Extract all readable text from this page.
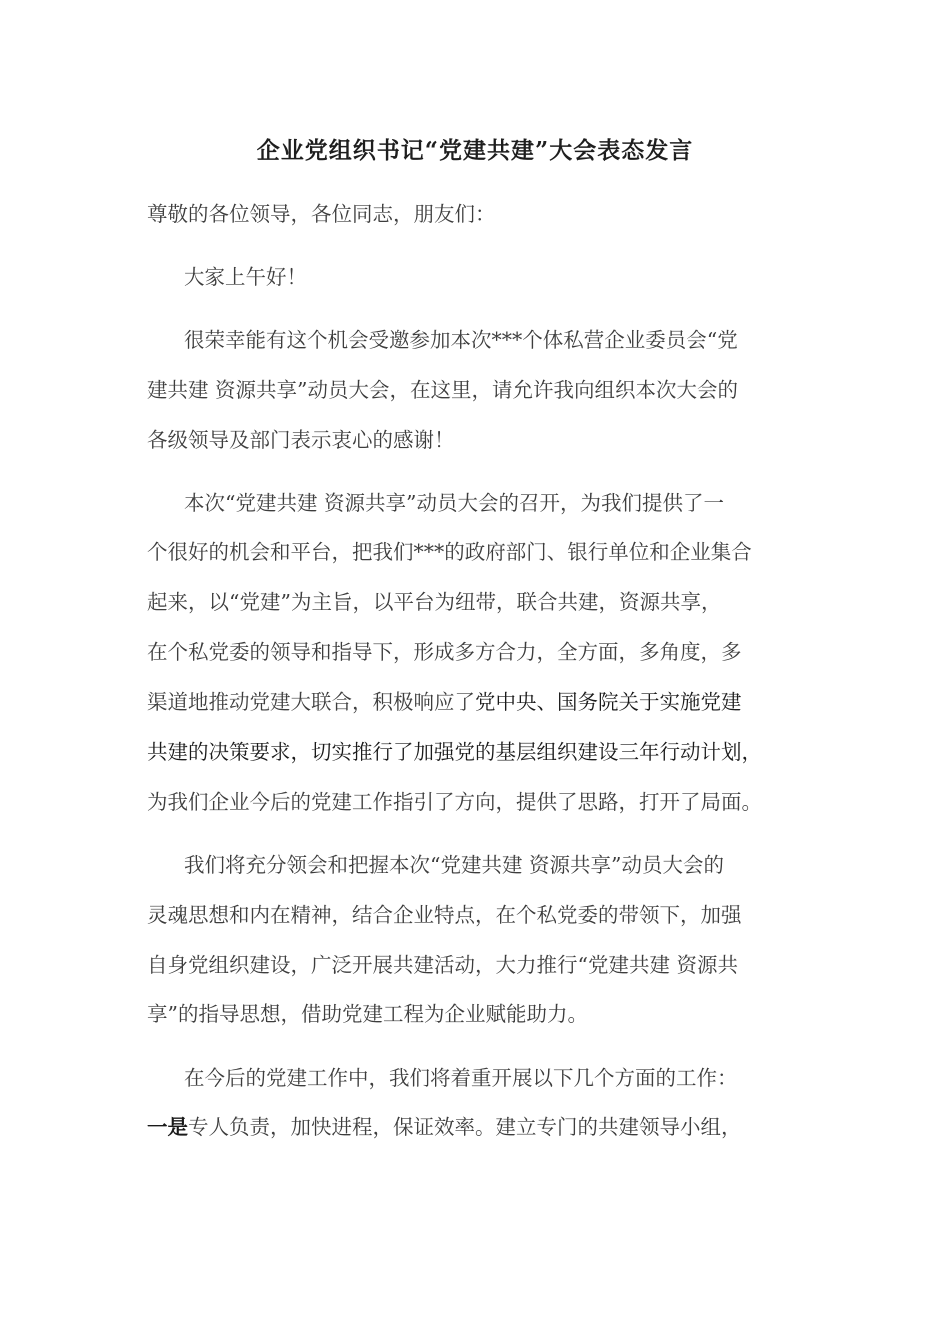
企业党组织书记“党建共建”大会表态发言
尊敬的各位领导，各位同志，朋友们：
大家上午好！
很荣幸能有这个机会受邀参加本次***个体私营企业委员会“党
建共建 资源共享”动员大会，在这里，请允许我向组织本次大会的
各级领导及部门表示衷心的感谢！
本次“党建共建 资源共享”动员大会的召开，为我们提供了一
个很好的机会和平台，把我们***的政府部门、银行单位和企业集合
起来，以“党建”为主旨，以平台为纽带，联合共建，资源共享，
在个私党委的领导和指导下，形成多方合力，全方面，多角度，多
渠道地推动党建大联合，积极响应了党中央、国务院关于实施党建
共建的决策要求，切实推行了加强党的基层组织建设三年行动计划，
为我们企业今后的党建工作指引了方向，提供了思路，打开了局面。
我们将充分领会和把握本次“党建共建 资源共享”动员大会的
灵魂思想和内在精神，结合企业特点，在个私党委的带领下，加强
自身党组织建设，广泛开展共建活动，大力推行“党建共建 资源共
享”的指导思想，借助党建工程为企业赋能助力。
在今后的党建工作中，我们将着重开展以下几个方面的工作：
一是专人负责，加快进程，保证效率。建立专门的共建领导小组，
